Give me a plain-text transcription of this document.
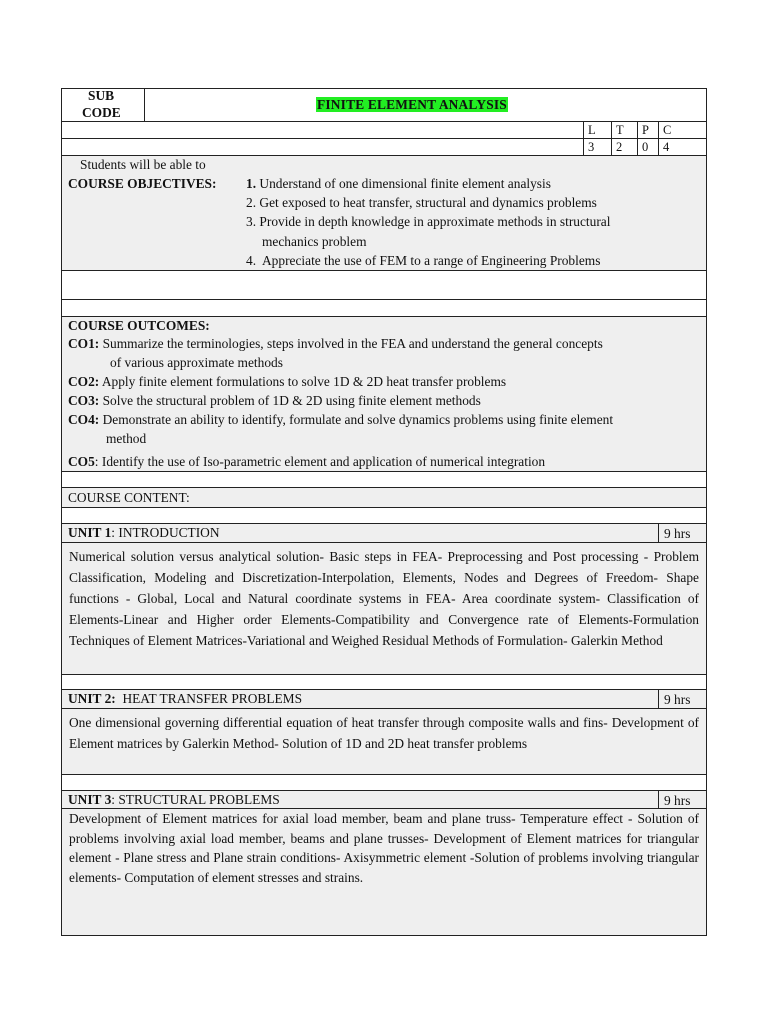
SUB
CODE
FINITE ELEMENT ANALYSIS
L	T	P	C
3	2	0	4
Students will be able to
COURSE OBJECTIVES: 1. Understand of one dimensional finite element analysis
2. Get exposed to heat transfer, structural and dynamics problems
3. Provide in depth knowledge in approximate methods in structural
mechanics problem
4. Appreciate the use of FEM to a range of Engineering Problems
COURSE OUTCOMES:
CO1: Summarize the terminologies, steps involved in the FEA and understand the general concepts
of various approximate methods
CO2: Apply finite element formulations to solve 1D & 2D heat transfer problems
CO3: Solve the structural problem of 1D & 2D using finite element methods
CO4: Demonstrate an ability to identify, formulate and solve dynamics problems using finite element
method
CO5: Identify the use of Iso-parametric element and application of numerical integration
COURSE CONTENT:
UNIT 1: INTRODUCTION	9 hrs
Numerical solution versus analytical solution- Basic steps in FEA- Preprocessing and Post processing - Problem Classification, Modeling and Discretization-Interpolation, Elements, Nodes and Degrees of Freedom- Shape functions - Global, Local and Natural coordinate systems in FEA- Area coordinate system- Classification of Elements-Linear and Higher order Elements-Compatibility and Convergence rate of Elements-Formulation Techniques of Element Matrices-Variational and Weighed Residual Methods of Formulation- Galerkin Method
UNIT 2: HEAT TRANSFER PROBLEMS	9 hrs
One dimensional governing differential equation of heat transfer through composite walls and fins- Development of Element matrices by Galerkin Method- Solution of 1D and 2D heat transfer problems
UNIT 3: STRUCTURAL PROBLEMS	9 hrs
Development of Element matrices for axial load member, beam and plane truss- Temperature effect - Solution of problems involving axial load member, beams and plane trusses- Development of Element matrices for triangular element - Plane stress and Plane strain conditions- Axisymmetric element -Solution of problems involving triangular elements- Computation of element stresses and strains.
